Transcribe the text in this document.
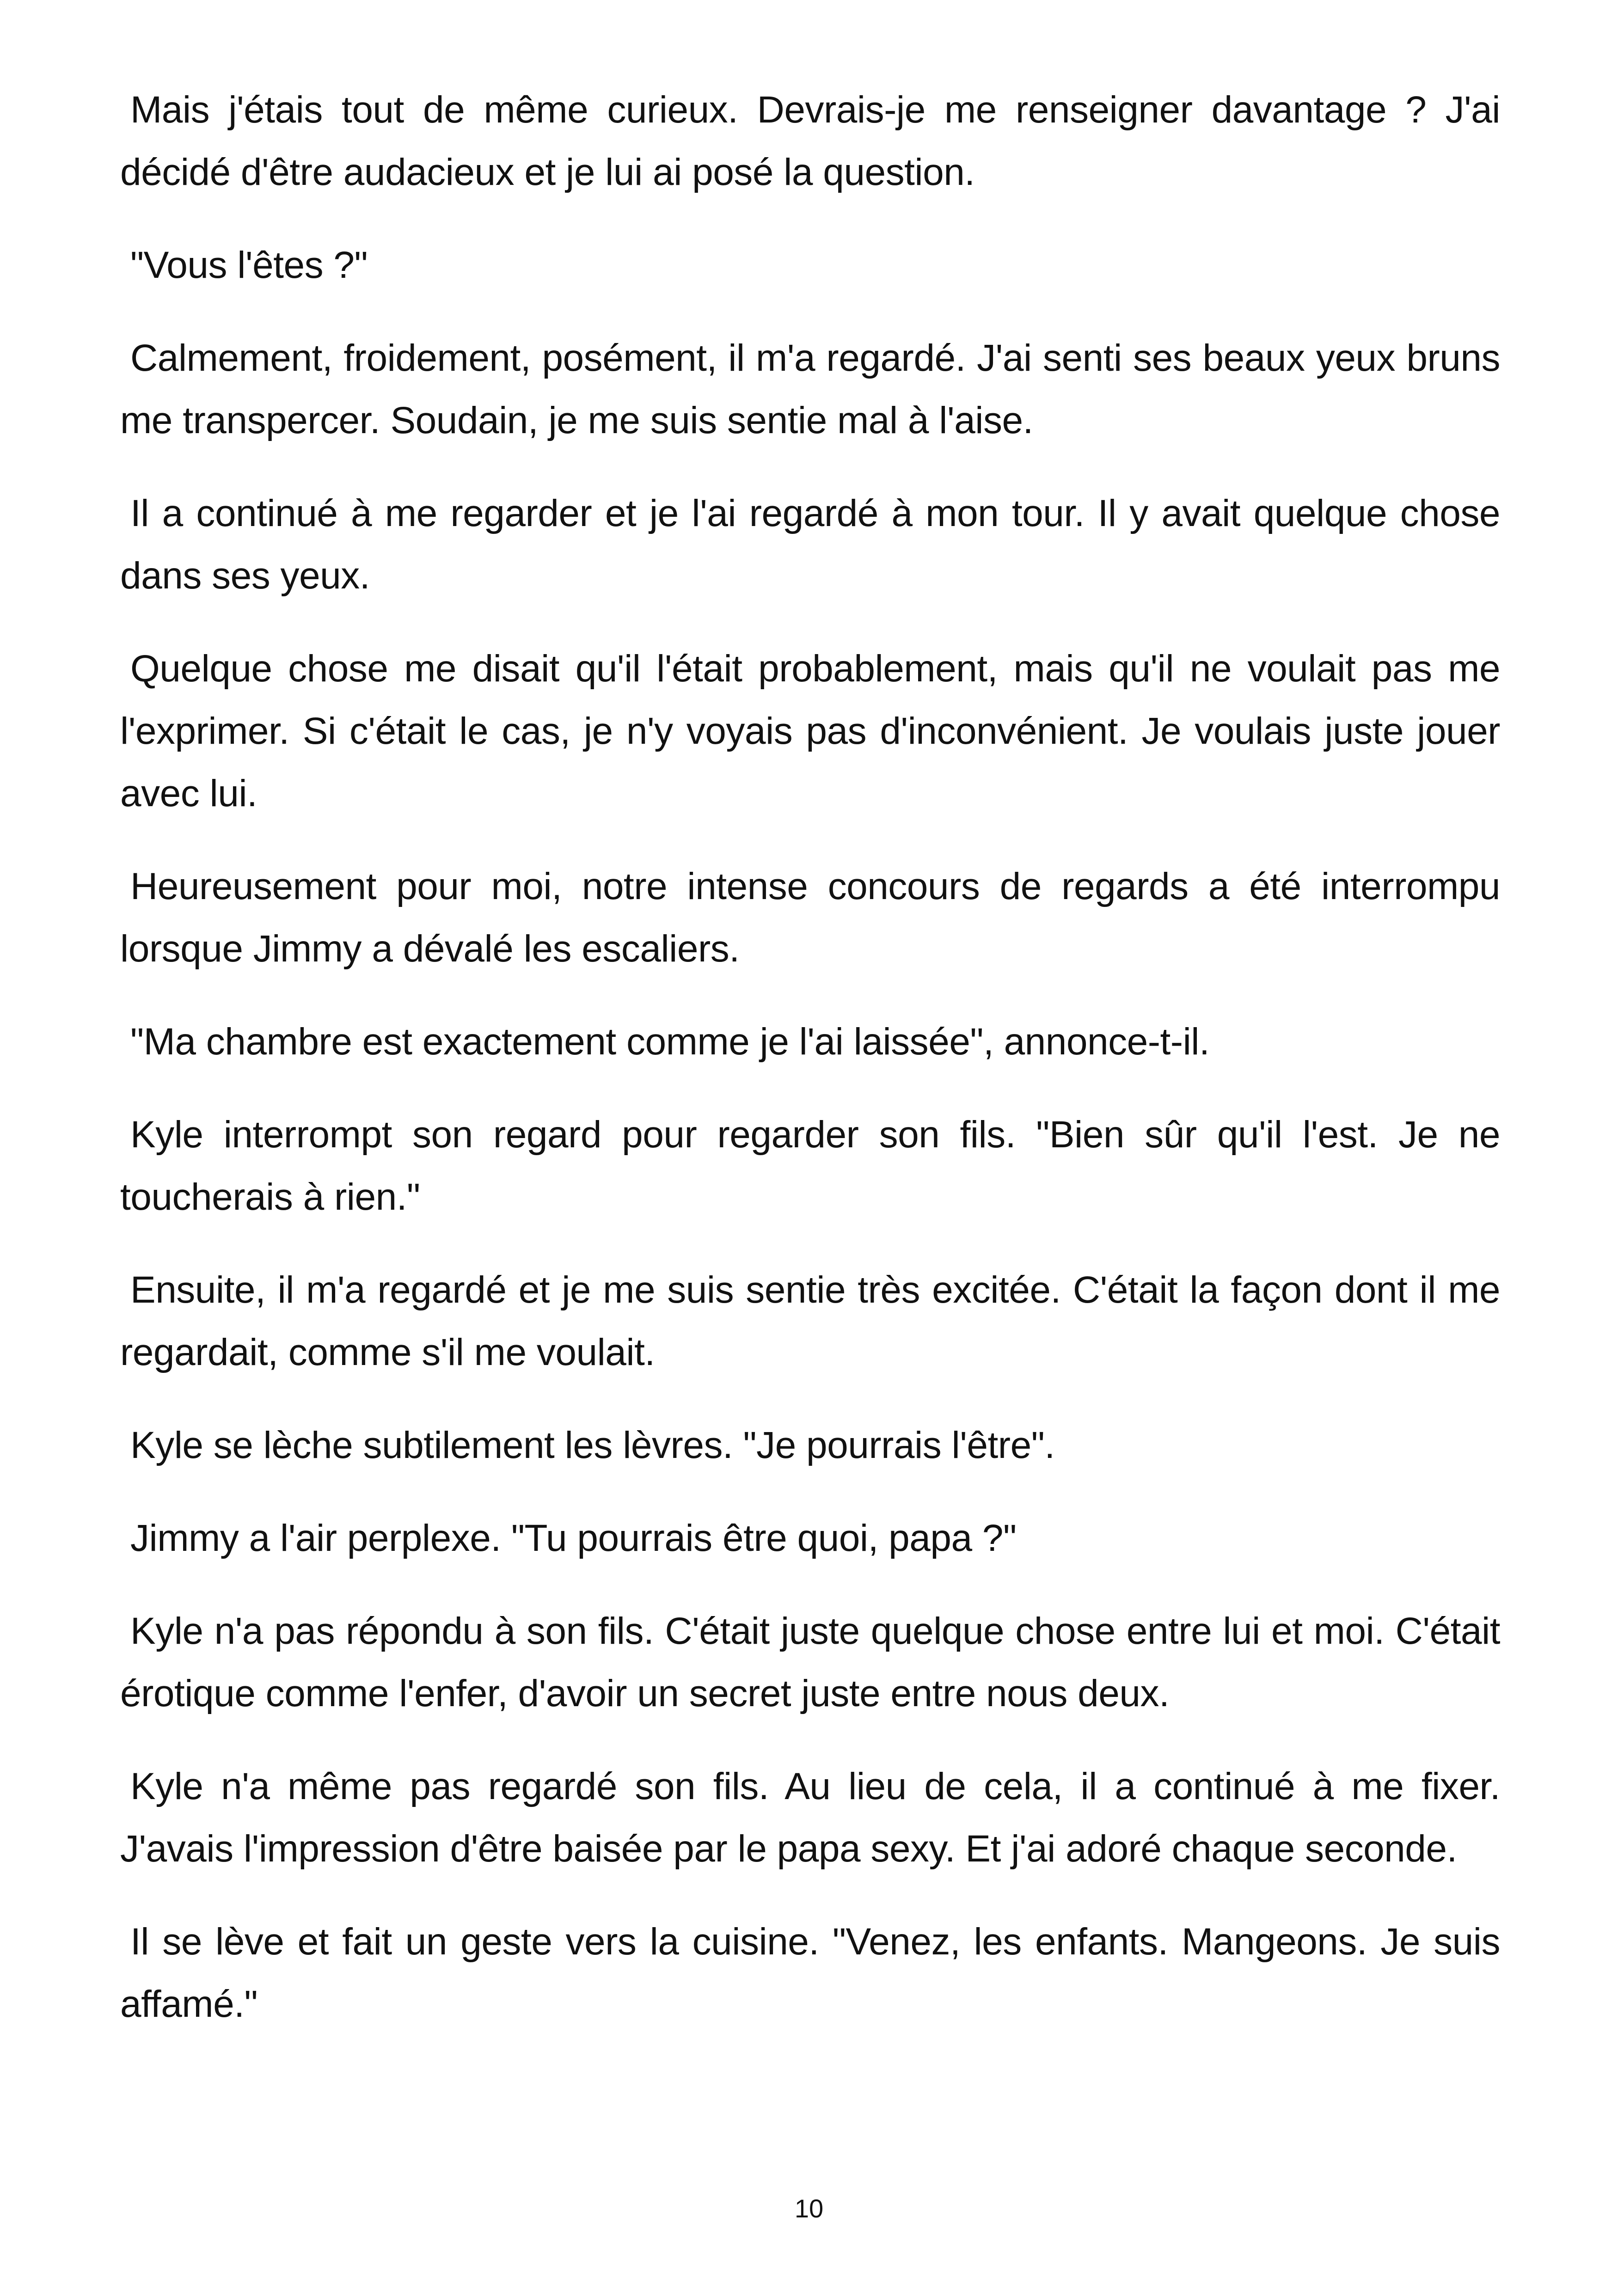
Mais j'étais tout de même curieux. Devrais-je me renseigner davantage ? J'ai décidé d'être audacieux et je lui ai posé la question.

"Vous l'êtes ?"

Calmement, froidement, posément, il m'a regardé. J'ai senti ses beaux yeux bruns me transpercer. Soudain, je me suis sentie mal à l'aise.

Il a continué à me regarder et je l'ai regardé à mon tour. Il y avait quelque chose dans ses yeux.

Quelque chose me disait qu'il l'était probablement, mais qu'il ne voulait pas me l'exprimer. Si c'était le cas, je n'y voyais pas d'inconvénient. Je voulais juste jouer avec lui.

Heureusement pour moi, notre intense concours de regards a été interrompu lorsque Jimmy a dévalé les escaliers.

"Ma chambre est exactement comme je l'ai laissée", annonce-t-il.

Kyle interrompt son regard pour regarder son fils. "Bien sûr qu'il l'est. Je ne toucherais à rien."

Ensuite, il m'a regardé et je me suis sentie très excitée. C'était la façon dont il me regardait, comme s'il me voulait.

Kyle se lèche subtilement les lèvres. "Je pourrais l'être".

Jimmy a l'air perplexe. "Tu pourrais être quoi, papa ?"

Kyle n'a pas répondu à son fils. C'était juste quelque chose entre lui et moi. C'était érotique comme l'enfer, d'avoir un secret juste entre nous deux.

Kyle n'a même pas regardé son fils. Au lieu de cela, il a continué à me fixer. J'avais l'impression d'être baisée par le papa sexy. Et j'ai adoré chaque seconde.

Il se lève et fait un geste vers la cuisine. "Venez, les enfants. Mangeons. Je suis affamé."

10
